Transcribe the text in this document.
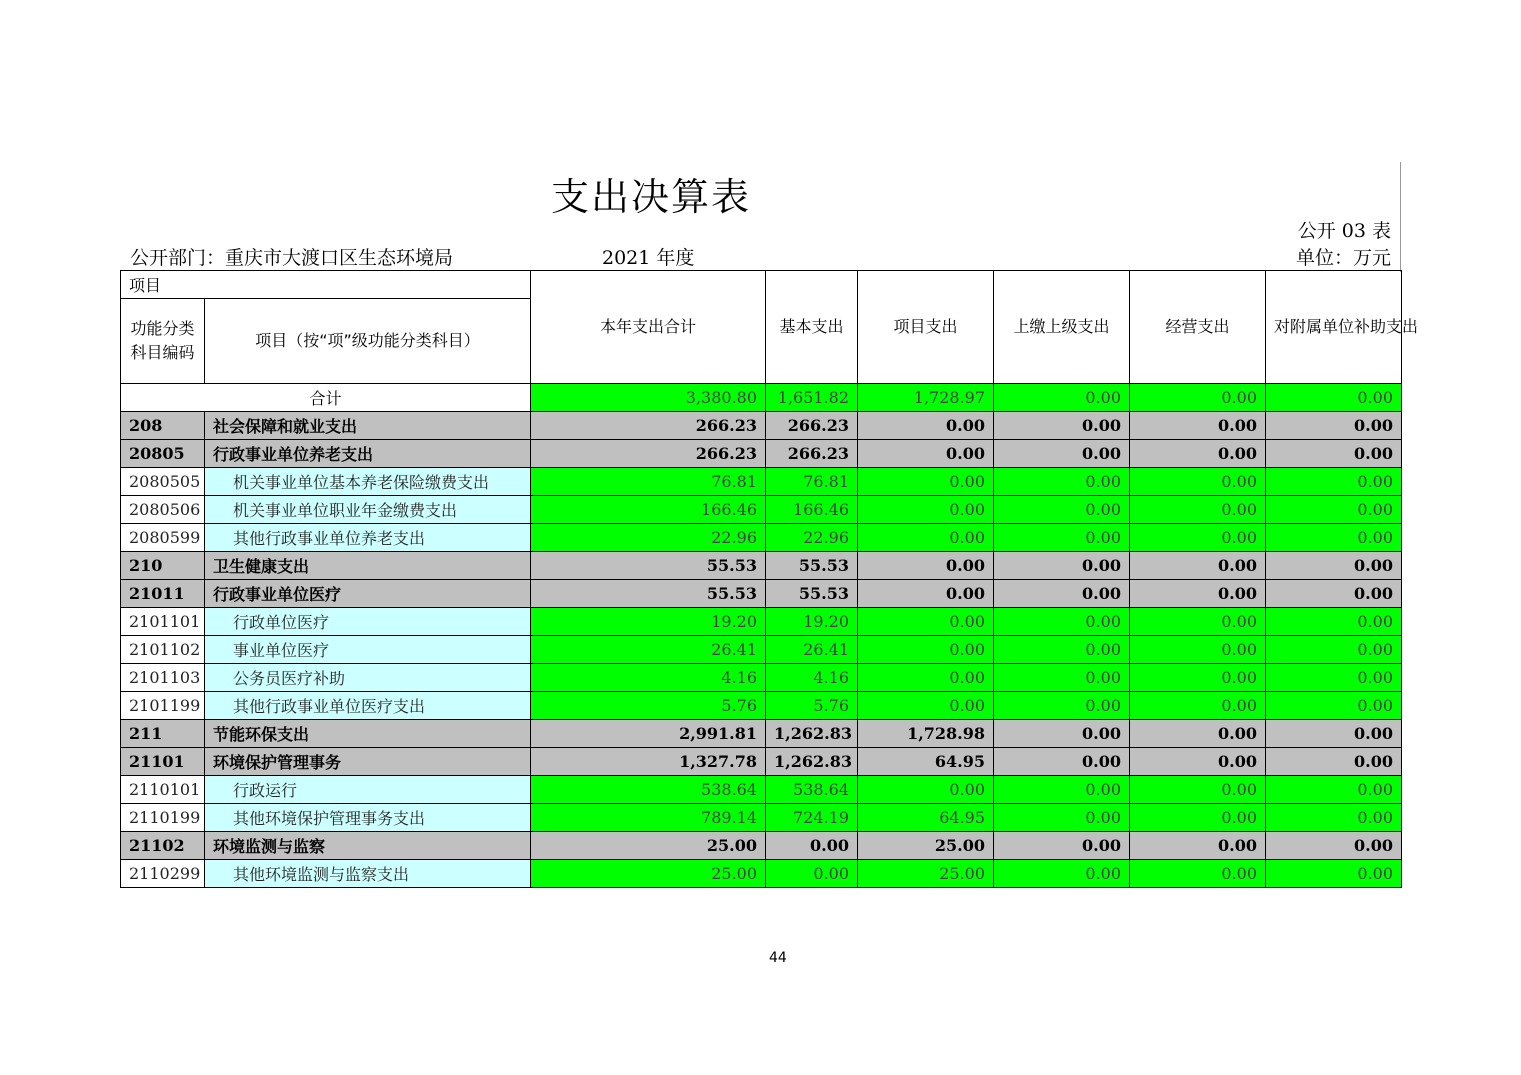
支出决算表
公开 03 表
公开部门：重庆市大渡口区生态环境局	2021 年度	单位：万元
项目		本年支出合计	基本支出	项目支出	上缴上级支出	经营支出	对附属单位补助支出
功能分类科目编码	项目（按“项”级功能分类科目）						
合计		3,380.80	1,651.82	1,728.97	0.00	0.00	0.00
208	社会保障和就业支出	266.23	266.23	0.00	0.00	0.00	0.00
20805	行政事业单位养老支出	266.23	266.23	0.00	0.00	0.00	0.00
2080505	机关事业单位基本养老保险缴费支出	76.81	76.81	0.00	0.00	0.00	0.00
2080506	机关事业单位职业年金缴费支出	166.46	166.46	0.00	0.00	0.00	0.00
2080599	其他行政事业单位养老支出	22.96	22.96	0.00	0.00	0.00	0.00
210	卫生健康支出	55.53	55.53	0.00	0.00	0.00	0.00
21011	行政事业单位医疗	55.53	55.53	0.00	0.00	0.00	0.00
2101101	行政单位医疗	19.20	19.20	0.00	0.00	0.00	0.00
2101102	事业单位医疗	26.41	26.41	0.00	0.00	0.00	0.00
2101103	公务员医疗补助	4.16	4.16	0.00	0.00	0.00	0.00
2101199	其他行政事业单位医疗支出	5.76	5.76	0.00	0.00	0.00	0.00
211	节能环保支出	2,991.81	1,262.83	1,728.98	0.00	0.00	0.00
21101	环境保护管理事务	1,327.78	1,262.83	64.95	0.00	0.00	0.00
2110101	行政运行	538.64	538.64	0.00	0.00	0.00	0.00
2110199	其他环境保护管理事务支出	789.14	724.19	64.95	0.00	0.00	0.00
21102	环境监测与监察	25.00	0.00	25.00	0.00	0.00	0.00
2110299	其他环境监测与监察支出	25.00	0.00	25.00	0.00	0.00	0.00
44
